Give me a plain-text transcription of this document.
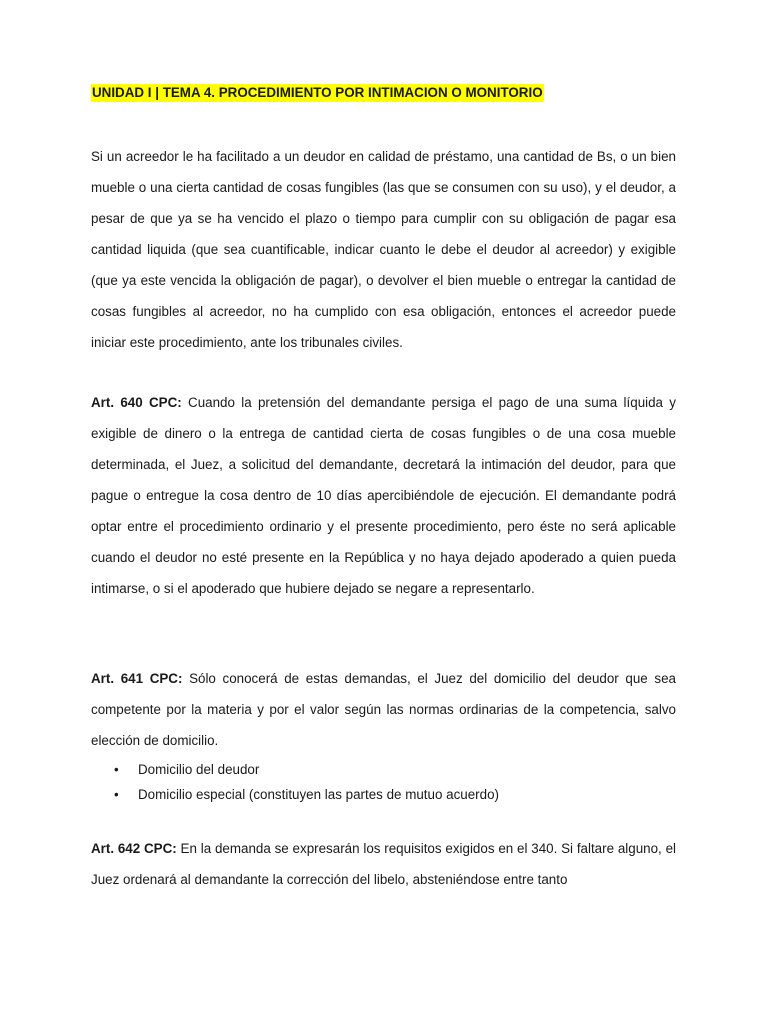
UNIDAD I | TEMA 4. PROCEDIMIENTO POR INTIMACION O MONITORIO

Si un acreedor le ha facilitado a un deudor en calidad de préstamo, una cantidad de Bs, o un bien mueble o una cierta cantidad de cosas fungibles (las que se consumen con su uso), y el deudor, a pesar de que ya se ha vencido el plazo o tiempo para cumplir con su obligación de pagar esa cantidad liquida (que sea cuantificable, indicar cuanto le debe el deudor al acreedor) y exigible (que ya este vencida la obligación de pagar), o devolver el bien mueble o entregar la cantidad de cosas fungibles al acreedor, no ha cumplido con esa obligación, entonces el acreedor puede iniciar este procedimiento, ante los tribunales civiles.

Art. 640 CPC: Cuando la pretensión del demandante persiga el pago de una suma líquida y exigible de dinero o la entrega de cantidad cierta de cosas fungibles o de una cosa mueble determinada, el Juez, a solicitud del demandante, decretará la intimación del deudor, para que pague o entregue la cosa dentro de 10 días apercibiéndole de ejecución. El demandante podrá optar entre el procedimiento ordinario y el presente procedimiento, pero éste no será aplicable cuando el deudor no esté presente en la República y no haya dejado apoderado a quien pueda intimarse, o si el apoderado que hubiere dejado se negare a representarlo.

Art. 641 CPC: Sólo conocerá de estas demandas, el Juez del domicilio del deudor que sea competente por la materia y por el valor según las normas ordinarias de la competencia, salvo elección de domicilio.

• Domicilio del deudor
• Domicilio especial (constituyen las partes de mutuo acuerdo)

Art. 642 CPC: En la demanda se expresarán los requisitos exigidos en el 340. Si faltare alguno, el Juez ordenará al demandante la corrección del libelo, absteniéndose entre tanto
